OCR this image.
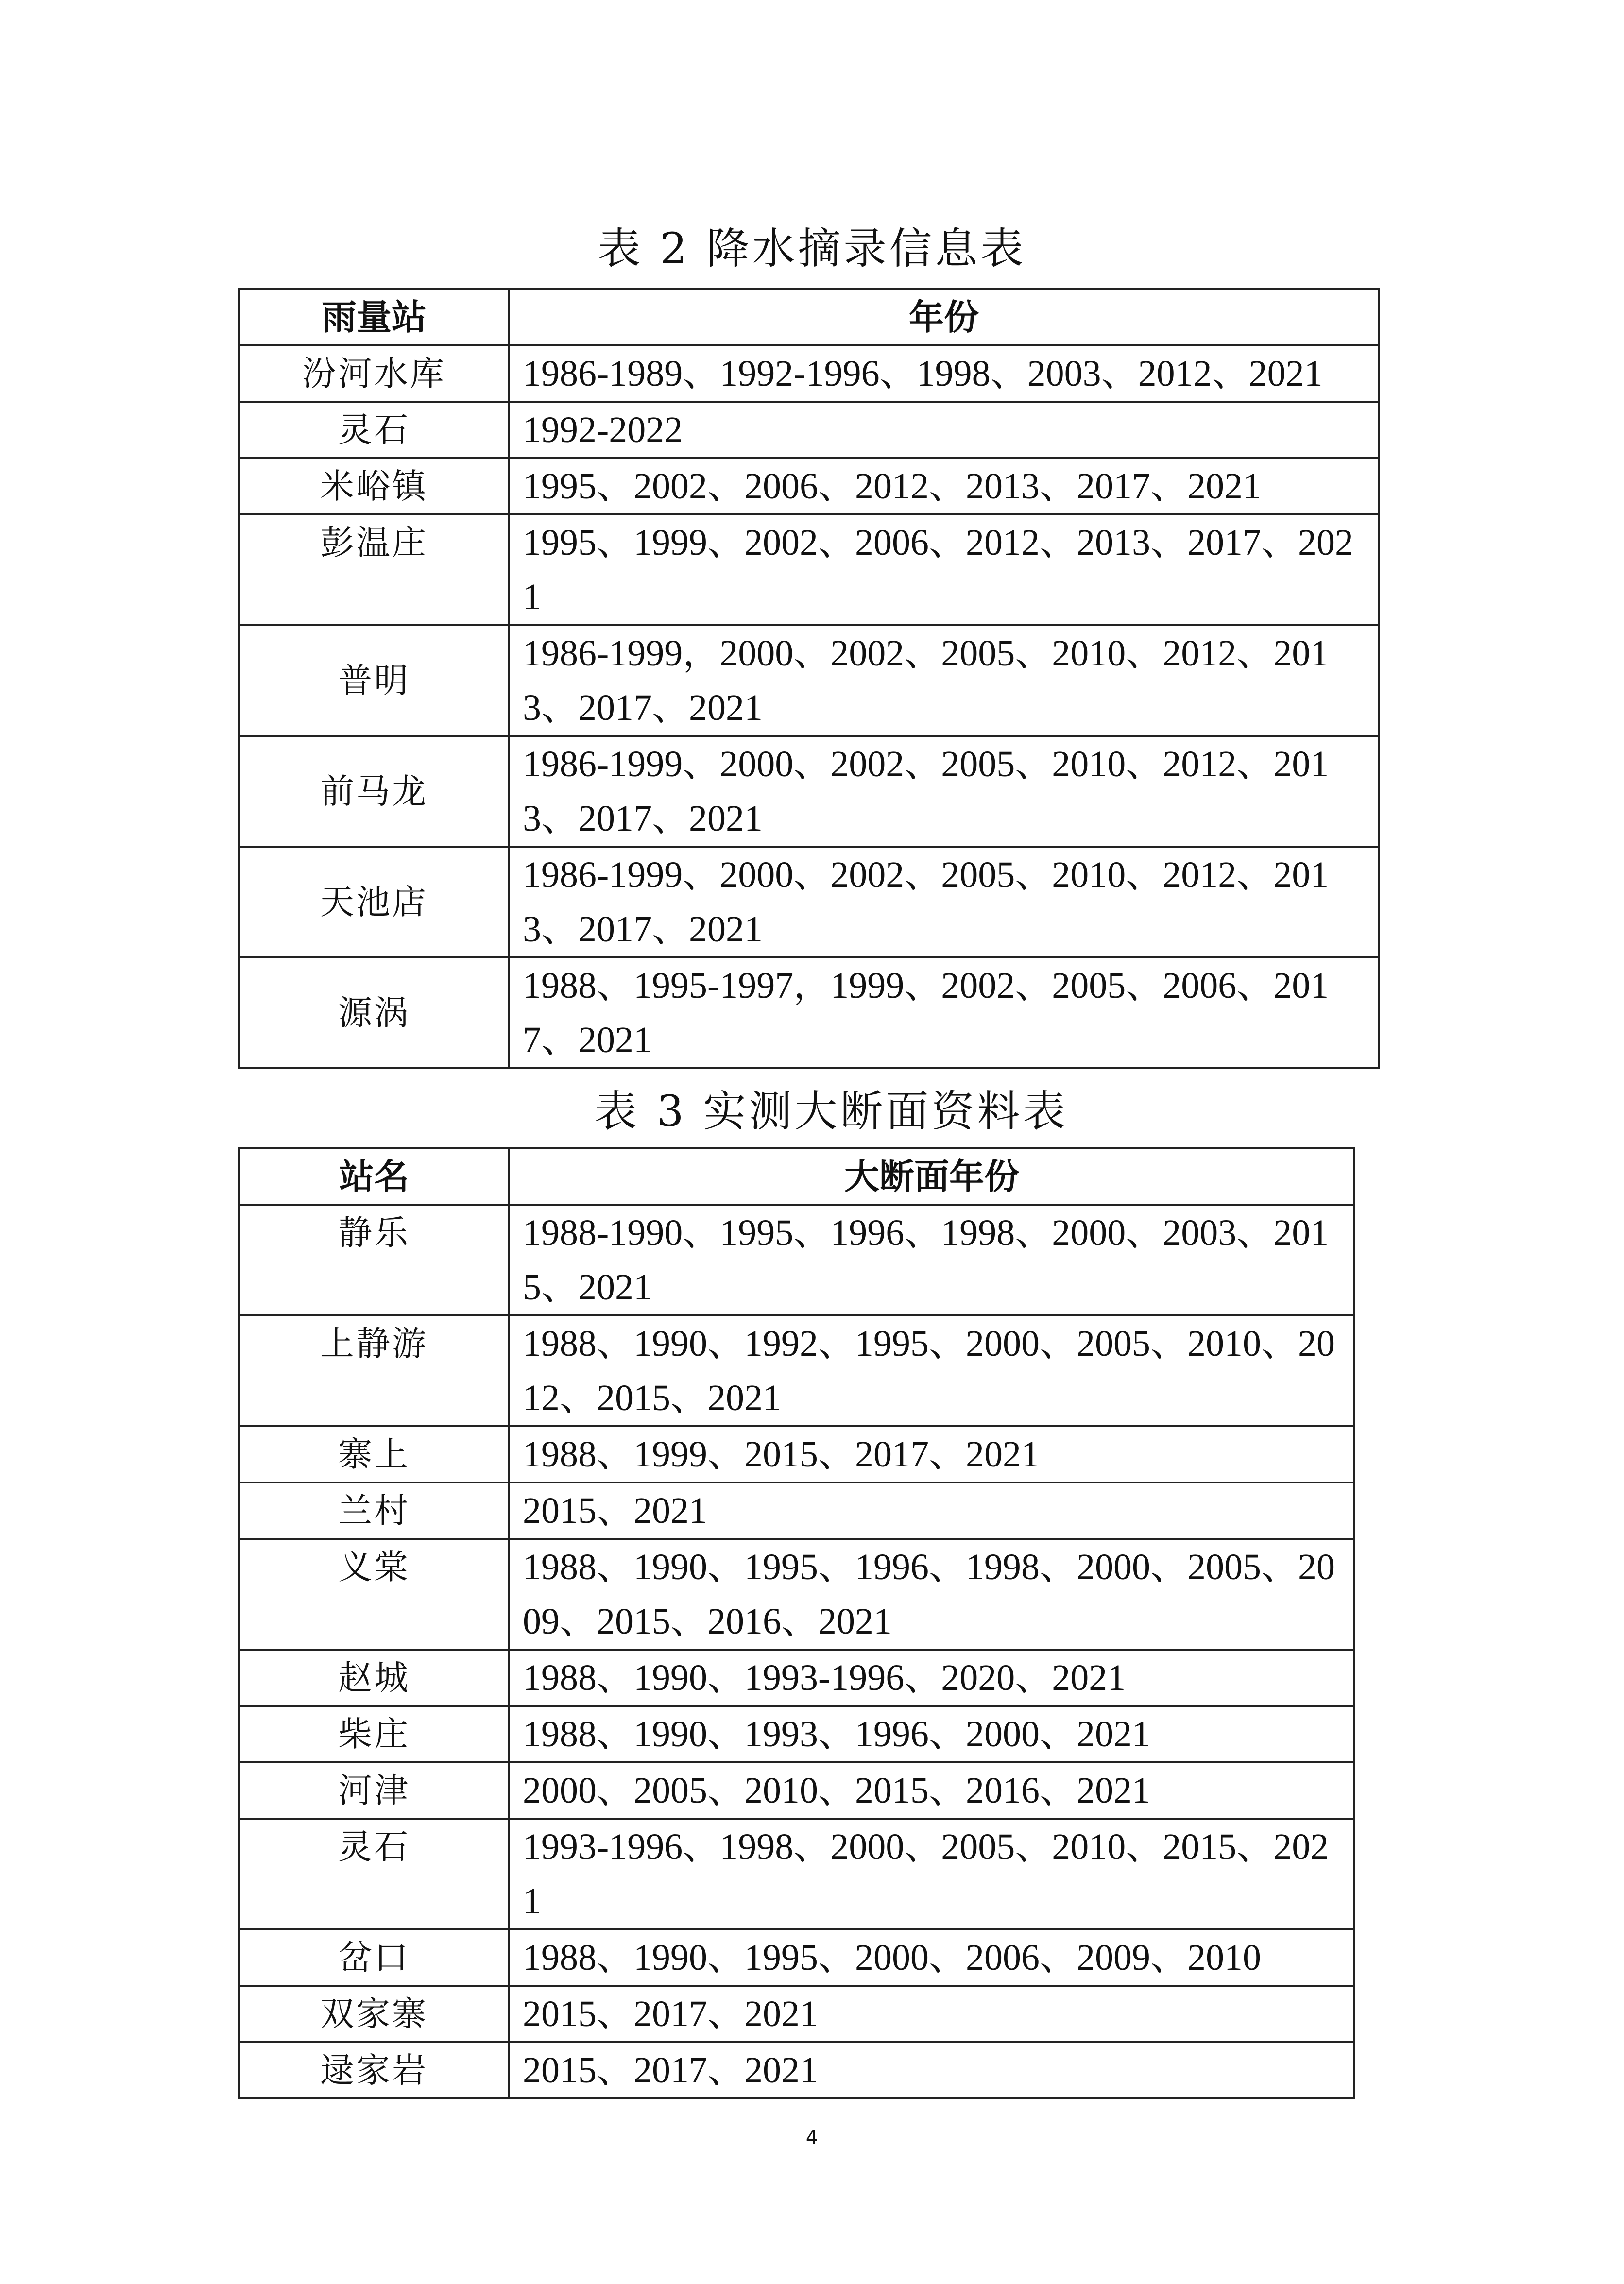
表 2 降水摘录信息表
雨量站	年份
汾河水库	1986-1989、1992-1996、1998、2003、2012、2021
灵石	1992-2022
米峪镇	1995、2002、2006、2012、2013、2017、2021
彭温庄	1995、1999、2002、2006、2012、2013、2017、2021
普明	1986-1999，2000、2002、2005、2010、2012、2013、2017、2021
前马龙	1986-1999、2000、2002、2005、2010、2012、2013、2017、2021
天池店	1986-1999、2000、2002、2005、2010、2012、2013、2017、2021
源涡	1988、1995-1997，1999、2002、2005、2006、2017、2021
表 3 实测大断面资料表
站名	大断面年份
静乐	1988-1990、1995、1996、1998、2000、2003、2015、2021
上静游	1988、1990、1992、1995、2000、2005、2010、2012、2015、2021
寨上	1988、1999、2015、2017、2021
兰村	2015、2021
义棠	1988、1990、1995、1996、1998、2000、2005、2009、2015、2016、2021
赵城	1988、1990、1993-1996、2020、2021
柴庄	1988、1990、1993、1996、2000、2021
河津	2000、2005、2010、2015、2016、2021
灵石	1993-1996、1998、2000、2005、2010、2015、2021
岔口	1988、1990、1995、2000、2006、2009、2010
双家寨	2015、2017、2021
逯家岩	2015、2017、2021
4
